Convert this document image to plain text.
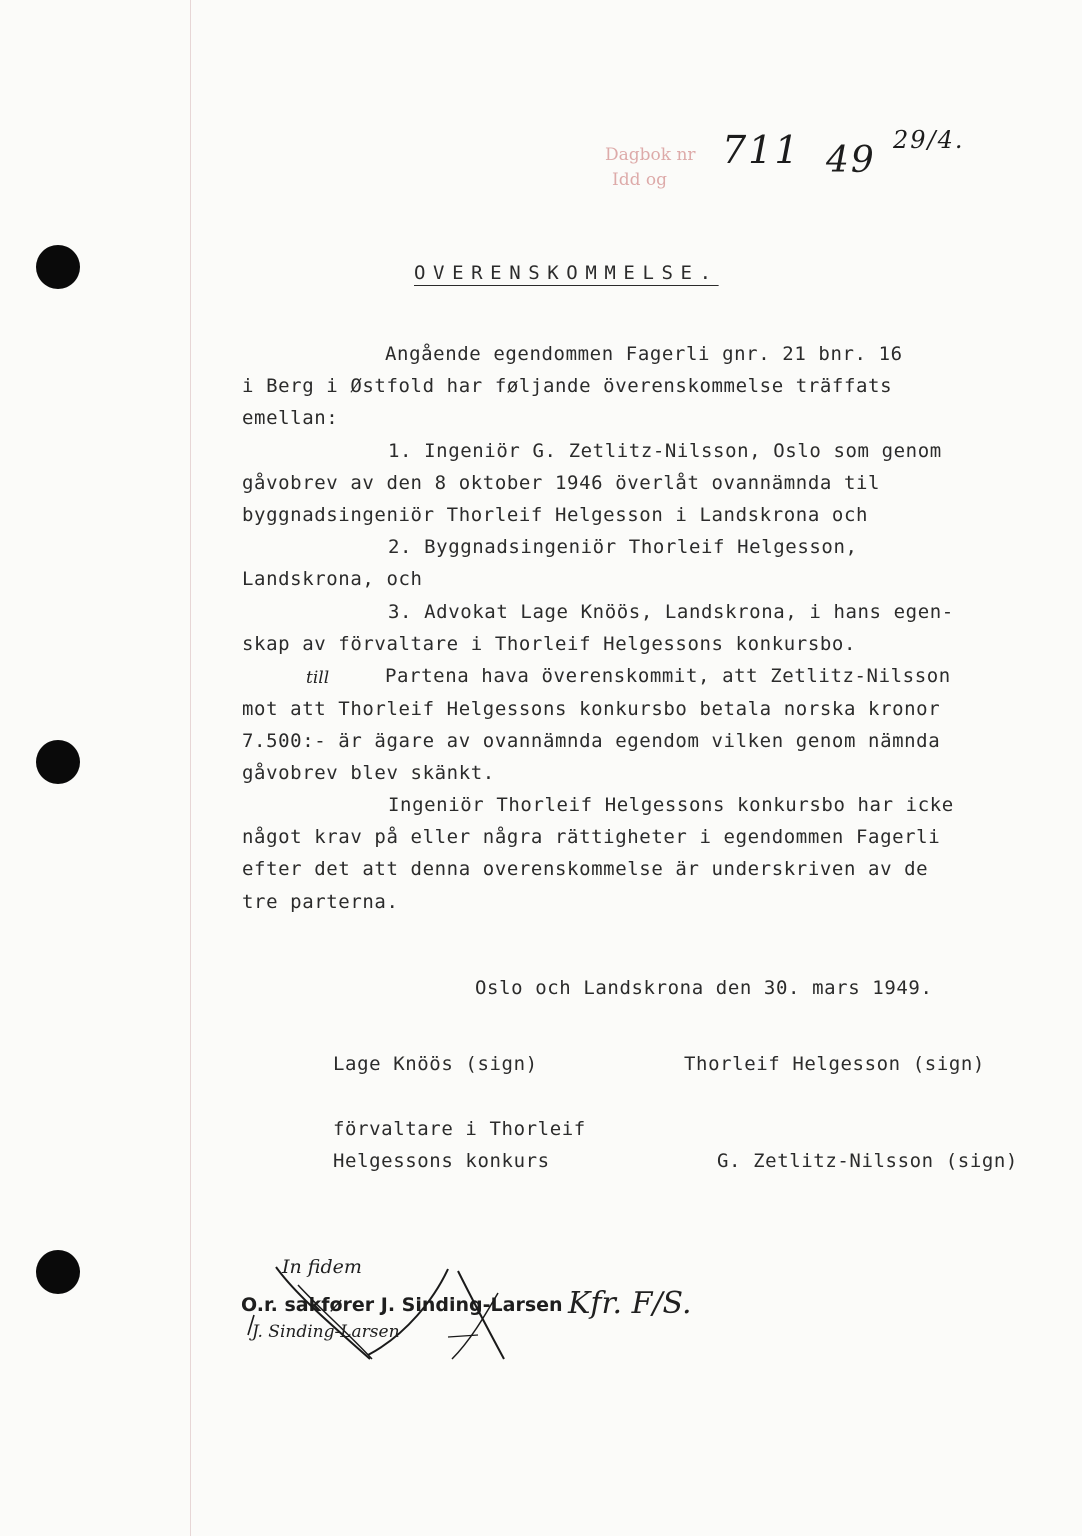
Dagbok nr
Idd og
711 49 29/4.
OVERENSKOMMELSE.
Angående egendommen Fagerli gnr. 21 bnr. 16
i Berg i Østfold har føljande överenskommelse träffats
emellan:
1. Ingeniör G. Zetlitz-Nilsson, Oslo som genom
gåvobrev av den 8 oktober 1946 överlåt ovannämnda til
byggnadsingeniör Thorleif Helgesson i Landskrona och
2. Byggnadsingeniör Thorleif Helgesson,
Landskrona, och
3. Advokat Lage Knöös, Landskrona, i hans egen-
skap av förvaltare i Thorleif Helgessons konkursbo.
Partena hava överenskommit, att Zetlitz-Nilsson
mot att Thorleif Helgessons konkursbo betala norska kronor
7.500:- är ägare av ovannämnda egendom vilken genom nämnda
gåvobrev blev skänkt.
Ingeniör Thorleif Helgessons konkursbo har icke
något krav på eller några rättigheter i egendommen Fagerli
efter det att denna overenskommelse är underskriven av de
tre parterna.
till
Oslo och Landskrona den 30. mars 1949.
Lage Knöös (sign)	Thorleif Helgesson (sign)
förvaltare i Thorleif
Helgessons konkurs	G. Zetlitz-Nilsson (sign)
In fidem
O.r. sakfører J. Sinding-Larsen
J. Sinding-Larsen
Kfr. F/S.
